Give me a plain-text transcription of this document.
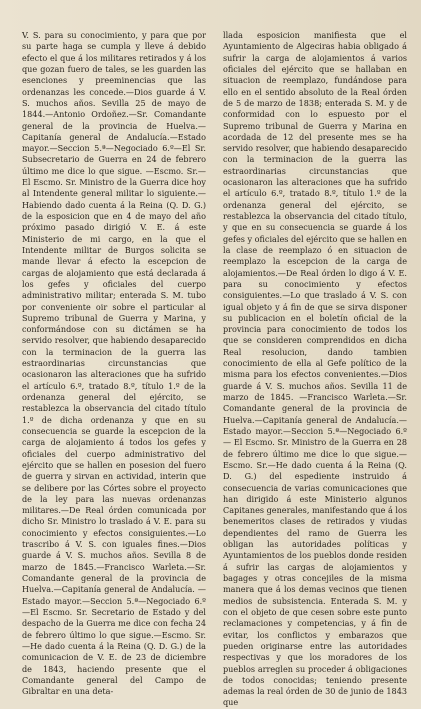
V. S. para su conocimiento, y para que por su parte haga se cumpla y lleve á debido efecto el que á los militares retirados y á los que gozan fuero de tales, se les guarden las esenciones y preeminencias que las ordenanzas les concede.—Dios guarde á V. S. muchos años. Sevilla 25 de mayo de 1844.—Antonio Ordoñez.—Sr. Comandante general de la provincia de Huelva.—Capitanía general de Andalucía.—Estado mayor.—Seccion 5.ª—Negociado 6.º—El Sr. Subsecretario de Guerra en 24 de febrero último me dice lo que sigue. —Escmo. Sr.—El Escmo. Sr. Ministro de la Guerra dice hoy al Intendente general militar lo siguiente.—Habiendo dado cuenta á la Reina (Q. D. G.) de la esposicion que en 4 de mayo del año próximo pasado dirigió V. E. á este Ministerio de mi cargo, en la que el Intendente militar de Burgos solicita se mande llevar á efecto la escepcion de cargas de alojamiento que está declarada á los gefes y oficiales del cuerpo administrativo militar; enterada S. M. tubo por conveniente oir sobre el particular al Supremo tribunal de Guerra y Marina, y conformándose con su dictámen se ha servido resolver, que habiendo desaparecido con la terminacion de la guerra las estraordinarias circunstancias que ocasionaron las alteraciones que ha sufrido el artículo 6.º, tratado 8.º, título 1.º de la ordenanza general del ejército, se restablezca la observancia del citado título 1.º de dicha ordenanza y que en su consecuencia se guarde la escepcion de la carga de alojamiento á todos los gefes y oficiales del cuerpo administrativo del ejército que se hallen en posesion del fuero de guerra y sirvan en actividad, interin que se delibere por las Córtes sobre el proyecto de la ley para las nuevas ordenanzas militares.—De Real órden comunicada por dicho Sr. Ministro lo traslado á V. E. para su conocimiento y efectos consiguientes.—Lo trascribo á V. S. con iguales fines.—Dios guarde á V. S. muchos años. Sevilla 8 de marzo de 1845.—Francisco Warleta.—Sr. Comandante general de la provincia de Huelva.—Capitanía general de Andalucía. —Estado mayor.—Seccion 5.ª—Negociado 6.º—El Escmo. Sr. Secretario de Estado y del despacho de la Guerra me dice con fecha 24 de febrero último lo que sigue.—Escmo. Sr.—He dado cuenta á la Reina (Q. D. G.) de la comunicacion de V. E. de 23 de diciembre de 1843, haciendo presente que el Comandante general del Campo de Gibraltar en una deta-

llada esposicion manifiesta que el Ayuntamiento de Algeciras habia obligado á sufrir la carga de alojamientos á varios oficiales del ejército que se hallaban en situacion de reemplazo, fundándose para ello en el sentido absoluto de la Real órden de 5 de marzo de 1838; enterada S. M. y de conformidad con lo espuesto por el Supremo tribunal de Guerra y Marina en acordada de 12 del presente mes se ha servido resolver, que habiendo desaparecido con la terminacion de la guerra las estraordinarias circunstancias que ocasionaron las alteraciones que ha sufrido el artículo 6.º, tratado 8.º, título 1.º de la ordenanza general del ejército, se restablezca la observancia del citado título, y que en su consecuencia se guarde á los gefes y oficiales del ejército que se hallen en la clase de reemplazo ó en situacion de reemplazo la escepcion de la carga de alojamientos.—De Real órden lo digo á V. E. para su conocimiento y efectos consiguientes.—Lo que traslado á V. S. con igual objeto y á fin de que se sirva disponer su publicacion en el boletín oficial de la provincia para conocimiento de todos los que se consideren comprendidos en dicha Real resolucion, dando tambien conocimiento de ella al Gefe político de la misma para los efectos convenientes.—Dios guarde á V. S. muchos años. Sevilla 11 de marzo de 1845. —Francisco Warleta.—Sr. Comandante general de la provincia de Huelva.—Capitanía general de Andalucía.—Estado mayor.—Seccion 5.ª—Negociado 6.º— El Escmo. Sr. Ministro de la Guerra en 28 de febrero último me dice lo que sigue.—Escmo. Sr.—He dado cuenta á la Reina (Q. D. G.) del espediente instruido á consecuencia de varias comunicaciones que han dirigido á este Ministerio algunos Capitanes generales, manifestando que á los benemeritos clases de retirados y viudas dependientes del ramo de Guerra les obligan las autoridades políticas y Ayuntamientos de los pueblos donde residen á sufrir las cargas de alojamientos y bagages y otras concejiles de la misma manera que á los demas vecinos que tienen medios de subsistencia. Enterada S. M. y con el objeto de que cesen sobre este punto reclamaciones y competencias, y á fin de evitar, los conflictos y embarazos que pueden originarse entre las autoridades respectivas y que los moradores de los pueblos arreglen su proceder á obligaciones de todos conocidas; teniendo presente ademas la real órden de 30 de junio de 1843 que
